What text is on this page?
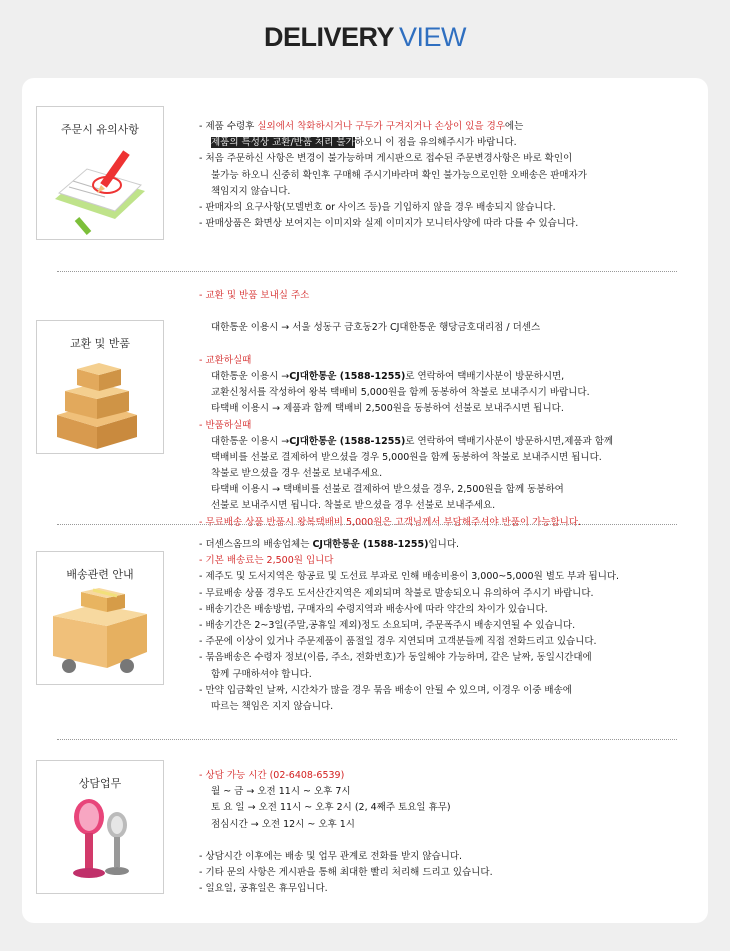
DELIVERY VIEW
주문시 유의사항	- 제품 수령후 실외에서 착화하시거나 구두가 구겨지거나 손상이 있을 경우에는
제품의 특성상 교환/반품 처리 불가하오니 이 점을 유의해주시가 바랍니다.
- 처음 주문하신 사항은 변경이 불가능하며 게시판으로 접수된 주문변경사항은 바로 확인이
불가능 하오니 신중히 확인후 구매해 주시기바라며 확인 불가능으로인한 오배송은 판매자가
책임지지 않습니다.
- 판매자의 요구사항(모델번호 or 사이즈 등)을 기입하지 않을 경우 배송되지 않습니다.
- 판매상품은 화면상 보여지는 이미지와 실제 이미지가 모니터사양에 따라 다를 수 있습니다.
교환 및 반품
- 교환 및 반품 보내실 주소
대한통운 이용시 → 서울 성동구 금호동2가 CJ대한통운 행당금호대리점 / 더센스
- 교환하실때
대한통운 이용시 →CJ대한통운 (1588-1255)로 연락하여 택배기사분이 방문하시면,
교환신청서를 작성하여 왕복 택배비 5,000원을 함께 동봉하여 착불로 보내주시기 바랍니다.
타택배 이용시 → 제품과 함께 택배비 2,500원을 동봉하여 선불로 보내주시면 됩니다.
- 반품하실때
대한통운 이용시 →CJ대한통운 (1588-1255)로 연락하여 택배기사분이 방문하시면,제품과 함께
택배비를 선불로 결제하여 받으셨을 경우 5,000원을 함께 동봉하여 착불로 보내주시면 됩니다.
착불로 받으셨을 경우 선불로 보내주세요.
타택배 이용시 → 택배비를 선불로 결제하여 받으셨을 경우, 2,500원을 함께 동봉하여
선불로 보내주시면 됩니다. 착불로 받으셨을 경우 선불로 보내주세요.
- 무료배송 상품 반품시 왕복택배비 5,000원은 고객님께서 부담해주셔야 반품이 가능합니다.
배송관련 안내
- 더센스옴므의 배송업체는 CJ대한통운 (1588-1255)입니다.
- 기본 배송료는 2,500원 입니다
- 제주도 및 도서지역은 항공료 및 도선료 부과로 인해 배송비용이 3,000~5,000원 별도 부과 됩니다.
- 무료배송 상품 경우도 도서산간지역은 제외되며 착불로 발송되오니 유의하여 주시기 바랍니다.
- 배송기간은 배송방법, 구매자의 수령지역과 배송사에 따라 약간의 차이가 있습니다.
- 배송기간은 2~3일(주말,공휴일 제외)정도 소요되며, 주문폭주시 배송지연될 수 있습니다.
- 주문에 이상이 있거나 주문제품이 품절일 경우 지연되며 고객분들께 직접 전화드리고 있습니다.
- 묶음배송은 수령자 정보(이름, 주소, 전화번호)가 동일해야 가능하며, 같은 날짜, 동일시간대에
함께 구매하셔야 합니다.
- 만약 입금확인 날짜, 시간차가 많을 경우 묶음 배송이 안될 수 있으며, 이경우 이중 배송에
따르는 책임은 지지 않습니다.
상담업무
- 상담 가능 시간 (02-6408-6539)
월 ~ 금 → 오전 11시 ~ 오후 7시
토 요 일 → 오전 11시 ~ 오후 2시 (2, 4째주 토요일 휴무)
점심시간 → 오전 12시 ~ 오후 1시
- 상담시간 이후에는 배송 및 업무 관계로 전화를 받지 않습니다.
- 기타 문의 사항은 게시판을 통해 최대한 빨리 처리해 드리고 있습니다.
- 일요일, 공휴일은 휴무입니다.
